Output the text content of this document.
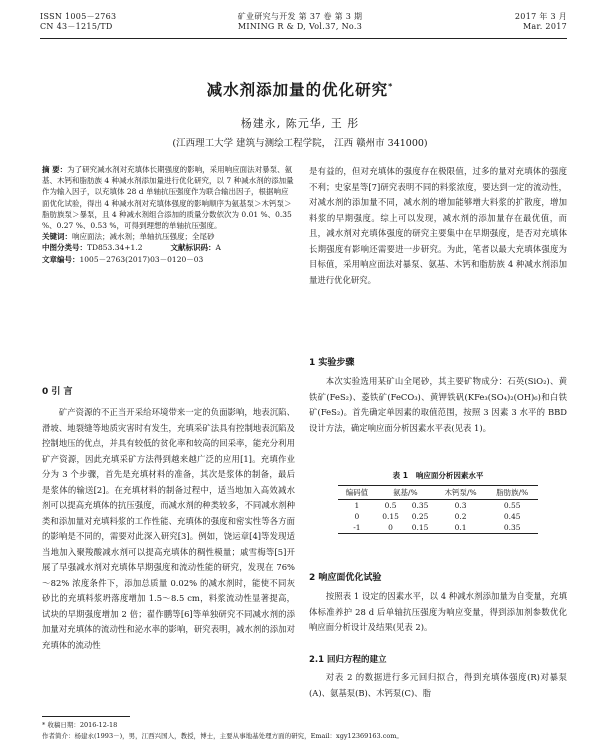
ISSN 1005－2763
CN 43－1215/TD
矿业研究与开发 第 37 卷 第 3 期
MINING R & D, Vol.37, No.3
2017 年 3 月
Mar. 2017
减水剂添加量的优化研究*
杨建永, 陈元华, 王 彤
(江西理工大学 建筑与测绘工程学院， 江西 赣州市 341000)

摘 要：为了研究减水剂对充填体长期强度的影响，采用响应面法对暴泵、氨基、木钙和脂肪族 4 种减水剂添加量进行优化研究，以 7 种减水剂的添加量作为输入因子，以充填体 28 d 单轴抗压强度作为联合输出因子，根据响应面优化试验，得出 4 种减水剂对充填体强度的影响顺序为氨基泵＞木钙泵＞脂肪族泵＞暴泵，且 4 种减水剂组合添加的质量分数依次为 0.01 %、0.35 %、0.27 %、0.53 %，可得到理想的单轴抗压强度。

关键词：响应面法；减水剂；单轴抗压强度；全尾砂

中图分类号：TD853.34+1.2	文献标识码：A

文章编号：1005－2763(2017)03－0120－03

0 引 言

矿产资源的不正当开采给环境带来一定的负面影响，地表沉陷、滑坡、地裂缝等地质灾害时有发生，充填采矿法具有控制地表沉陷及控制地压的优点，并具有较低的贫化率和较高的回采率，能充分利用矿产资源，因此充填采矿方法得到越来越广泛的应用[1]。充填作业分为 3 个步骤，首先是充填材料的准备，其次是浆体的制备，最后是浆体的输送[2]。在充填材料的制备过程中，适当地加入高效减水剂可以提高充填体的抗压强度，而减水剂的种类较多，不同减水剂种类和添加量对充填料浆的工作性能、充填体的强度和密实性等各方面的影响是不同的，需要对此深入研究[3]。例如，饶运章[4]等发现适当地加入聚羧酸减水剂可以提高充填体的稠性模量；戚雪梅等[5]开展了早强减水剂对充填体早期强度和流动性能的研究，发现在 76%～82% 浓度条件下，添加总质量 0.02% 的减水剂时，能使不同灰砂比的充填料浆坍落度增加 1.5～8.5 cm，料浆流动性显著提高，试块的早期强度增加 2 倍；翟作鹏等[6]等单独研究不同减水剂的添加量对充填体的流动性和泌水率的影响，研究表明，减水剂的添加对充填体的流动性

是有益的，但对充填体的强度存在极限值，过多的量对充填体的强度不利；史家星等[7]研究表明不同的料浆浓度，要达到一定的流动性，对减水剂的添加量不同，减水剂的增加能够增大料浆的扩散度，增加料浆的早期强度。综上可以发现，减水剂的添加量存在最优值，而且，减水剂对充填体强度的研究主要集中在早期强度，是否对充填体长期强度有影响还需要进一步研究。为此，笔者以最大充填体强度为目标值，采用响应面法对暴泵、氨基、木钙和脂肪族 4 种减水剂添加量进行优化研究。

1 实验步骤

本次实验选用某矿山全尾砂，其主要矿物成分：石英(SiO₂)、黄铁矿(FeS₂)、菱铁矿(FeCO₃)、黄钾铁矾(KFe₃(SO₄)₂(OH)₆)和白铁矿(FeS₂)。首先确定单因素的取值范围，按照 3 因素 3 水平的 BBD 设计方法，确定响应面分析因素水平表(见表 1)。

表 1 响应面分析因素水平
编码值	氨基/%		木钙泵/%	脂肪族/%
1	0.5	0.35	0.3	0.55
0	0.15	0.25	0.2	0.45
-1	0	0.15	0.1	0.35
2 响应面优化试验

按照表 1 设定的因素水平，以 4 种减水剂添加量为自变量，充填体标准养护 28 d 后单轴抗压强度为响应变量，得到添加剂参数优化响应面分析设计及结果(见表 2)。

2.1 回归方程的建立

对表 2 的数据进行多元回归拟合，得到充填体强度(R)对暴泵(A)、氨基泵(B)、木钙泵(C)、脂

* 收稿日期：2016-12-18
作者简介：杨建永(1993－)，男，江西兴国人，教授，博士，主要从事地基处理方面的研究，Email：xgy12369163.com。
